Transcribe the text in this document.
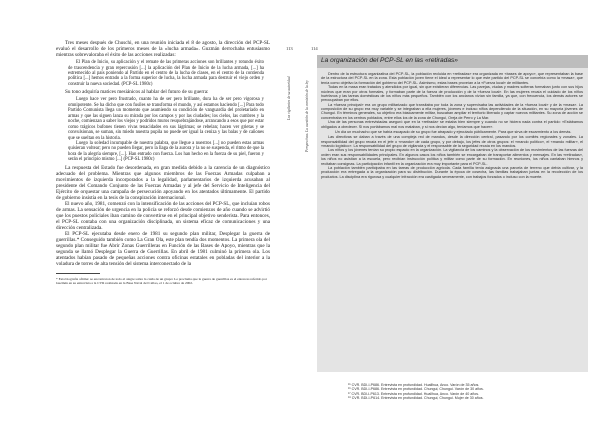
Tres meses después de Chuschi, en una reunión iniciada el 8 de agosto, la dirección del PCP-SL evaluó el desarrollo de los primeros meses de la «lucha armada». Guzmán derrochaba entusiasmo mientras sobrevaloraba el éxito de las acciones realizadas:

El Plan de Inicio, su aplicación y el remate de las primeras acciones son brillantes y rotundo éxito de trascendencia y gran repercusión [...] la aplicación del Plan de Inicio de la lucha armada, [...] ha estremecido al país poniendo al Partido en el centro de la lucha de clases, en el centro de la contienda política [...] hemos entrado a la forma superior de lucha, la lucha armada para destruir el viejo orden y construir la nueva sociedad. (PCP-SL 1980c)

Su tono adquiría matices mesiánicos al hablar del futuro de su guerra:

Luego hace ver pero frustrado, cuanto ha de ser pero brillante, dura ha de ser pero vigorosa y omnipotente. Se ha dicho que con fusiles se transforma el mundo, y así estamos haciendo [...] Para todo Partido Comunista llega un momento que asumiendo su condición de vanguardia del proletariado en armas y que las siguen lanza su mirada por los campos y por las ciudades; los cielos, las cumbres y la noche, comienzan a saber los viejos y podridos muros resquebrajándose, arrancando a esos que por estar como trágicos bufones tienen vivas tenacidades en sus lágrimas; se rebelan; hacen ver grietas y se convulsionan, se suman, sin miedo nuestra pupila no puede ser igual la ceniza y las balas y de cañones que se sueltan en la historia.

Luego la soledad incumpable de nuestra palabra, que llegue a nuestros [...] no pueden estas armas quisieran voltear; pero no pueden llegar, pero la llaga de la aurora y la no se suspenda, el ritmo de que la hora de la alegría siempre, [...]. Han entrado con fuerza. Los han hecho en la fuerza de su piel, fueron y serán el principio mismo [...] (PCP-SL 1980c)

La respuesta del Estado fue desordenada, en gran medida debido a la carencia de un diagnóstico adecuado del problema. Mientras que algunos miembros de las Fuerzas Armadas culpaban a movimientos de izquierda incorporados a la legalidad, parlamentarios de izquierda acusaban al presidente del Comando Conjunto de las Fuerzas Armadas y al jefe del Servicio de Inteligencia del Ejército de orquestar una campaña de persecución apoyando en los atentados últimamente. El partido de gobierno insistía en la tesis de la conspiración internacional.

El nuevo año, 1981, comenzó con la intensificación de las acciones del PCP-SL, que incluían robos de armas. La sensación de urgencia en la policía se reforzó desde comienzos de año cuando se advirtió que los puestos policiales iban camino de convertirse en el principal objetivo senderista. Para entonces, el PCP-SL contaba con una organización disciplinada, un sistema eficaz de comunicaciones y una dirección centralizada.

El PCP-SL ejecutaba desde enero de 1981 su segundo plan militar, Desplegar la guerra de guerrillas.* Conseguido también como La Gran Ola, este plan tendía dos momentos. La primera ola del segundo plan militar fue Abrir Zonas Guerrilleras en Función de las Bases de Apoyo, mientras que la segunda se llamó Desplegar la Guerra de Guerrillas. En abril de 1981 culminó la primera ola. Los atentados habían pasado de pequeñas acciones contra oficinas estatales en pobladas del interior a la voladura de torres de alta tensión del sistema interconectado de la

* Esta biografía afirma: se encontraron de todo el alegre sobre la caída de un grupo: Le proclama que la guerra de guerrillas es el entonces referido por Guzmán en su entrevista a la CVR realizada en la Base Naval del Callao, el 1 de octubre de 2002.

113	114
Los vigilantes de su autoridad	Perspectivas. La cuestión de la comisión de la ley
La organización del PCP-SL en las «retiradas»

Dentro de la estructura organizativa del PCP-SL, la población recluida en «retiradas» era organizada en «bases de apoyo», que representaban la base de la estructura del PCP-SL en la zona. Esta población joven tiene el ideal a representar lo que este partido del PCP-SL se concebía como la «masa», que tenía como objetivo la formación del gobierno del PCP-SL. Asimismo, estas bases proveían a la «Fuerza local» de militantes.

Todas en la masa eran tratados y atendidos por igual, sin que existieran diferencias. Las parejas, viudas y madres solteras formaban junto con sus hijos núcleos que eran por otros formales, y formaban parte de la fuerza de producción y de la «fuerza local». En las mujeres recaía el cuidado de los niños huérfanos y las tareas domésticas de los niños más pequeños. También con los ancianos vivían sin familia, ya que, con frecuencia, los demás actores se preocupaban por ellos.

La «fuerza principal» era un grupo militarizado que transitaba por toda la zona y supervisaba las actividades de la «fuerza local» y de la «masa». La composición de su grupo era muy variable y se integraban a ella mujeres, jóvenes e incluso niños dependiendo de la situación, en su mayoría jóvenes de Chungui. En términos generales, su objetivo era básicamente militar, buscaban ampliar el territorio liberado y captar nuevos militantes. Su zona de acción se concentraba en los centros poblados, entre ellos los de la zona de Chungui, Oreja de Perro y La Mar.

Una de las personas entrevistadas aseguró que en la «retirada» se estaba bien siempre y cuando no se hiciera nada contra el partido: «Estábamos obligados a obedecer. Si nos portábamos mal nos mataban, y si nos decían algo, teníamos que hacer».

Un día un muchacho que se había escapado de su grupo fue atrapado y ejecutado públicamente. Para que sirva de escarmiento a los demás.

Las directivas se daban a través de una compleja red de mandos, desde la dirección central, pasando por los comités regionales y zonales. La responsabilidad del grupo recaía en el jefe o «mando» de cada grupo, y por debajo, los jefes de otros grupos: el «mando político», el «mando militar», el «mando logístico». La responsabilidad del grupo de vigilancia y el responsable de la seguridad recaía en los mandos.

Los niños y los jóvenes tenían su propio espacio en la organización. La vigilancia de los caminos y la observación de los movimientos de las fuerzas del orden eran sus responsabilidades principales. En algunos casos los niños también se encargaban de transportar alimentos y mensajes. En las «retiradas», los niños no asistían a la escuela, pero recibían instrucción política y militar como parte de su formación. En reuniones, los niños cantaban himnos y recitaban consignas. La participación infantil en la organización era muy importante para el PCP-SL.

La población también participaba en las tareas de producción agrícola. Cada familia tenía asignada una parcela de terreno que debía cultivar, y la producción era entregada a la organización para su distribución. Durante la época de cosecha, las familias trabajaban juntas en la recolección de los productos. La disciplina era rigurosa y cualquier infracción era castigada severamente, con trabajos forzados o incluso con la muerte.

¹⁵ CVR. BDI-I-P686. Entrevista en profundidad. Huallhua, Anco. Varón de 35 años.

¹⁶ CVR. BDI-I-P686. Entrevista en profundidad. Chungui, Chungui. Varón de 30 años.

¹⁷ CVR. BDI-I-P613. Entrevista en profundidad. Huallhua, Anco. Varón de 40 años.

¹⁸ CVR. BDI-I-P614. Entrevista en profundidad. Chungui, Chungui. Mujer de 30 años.
